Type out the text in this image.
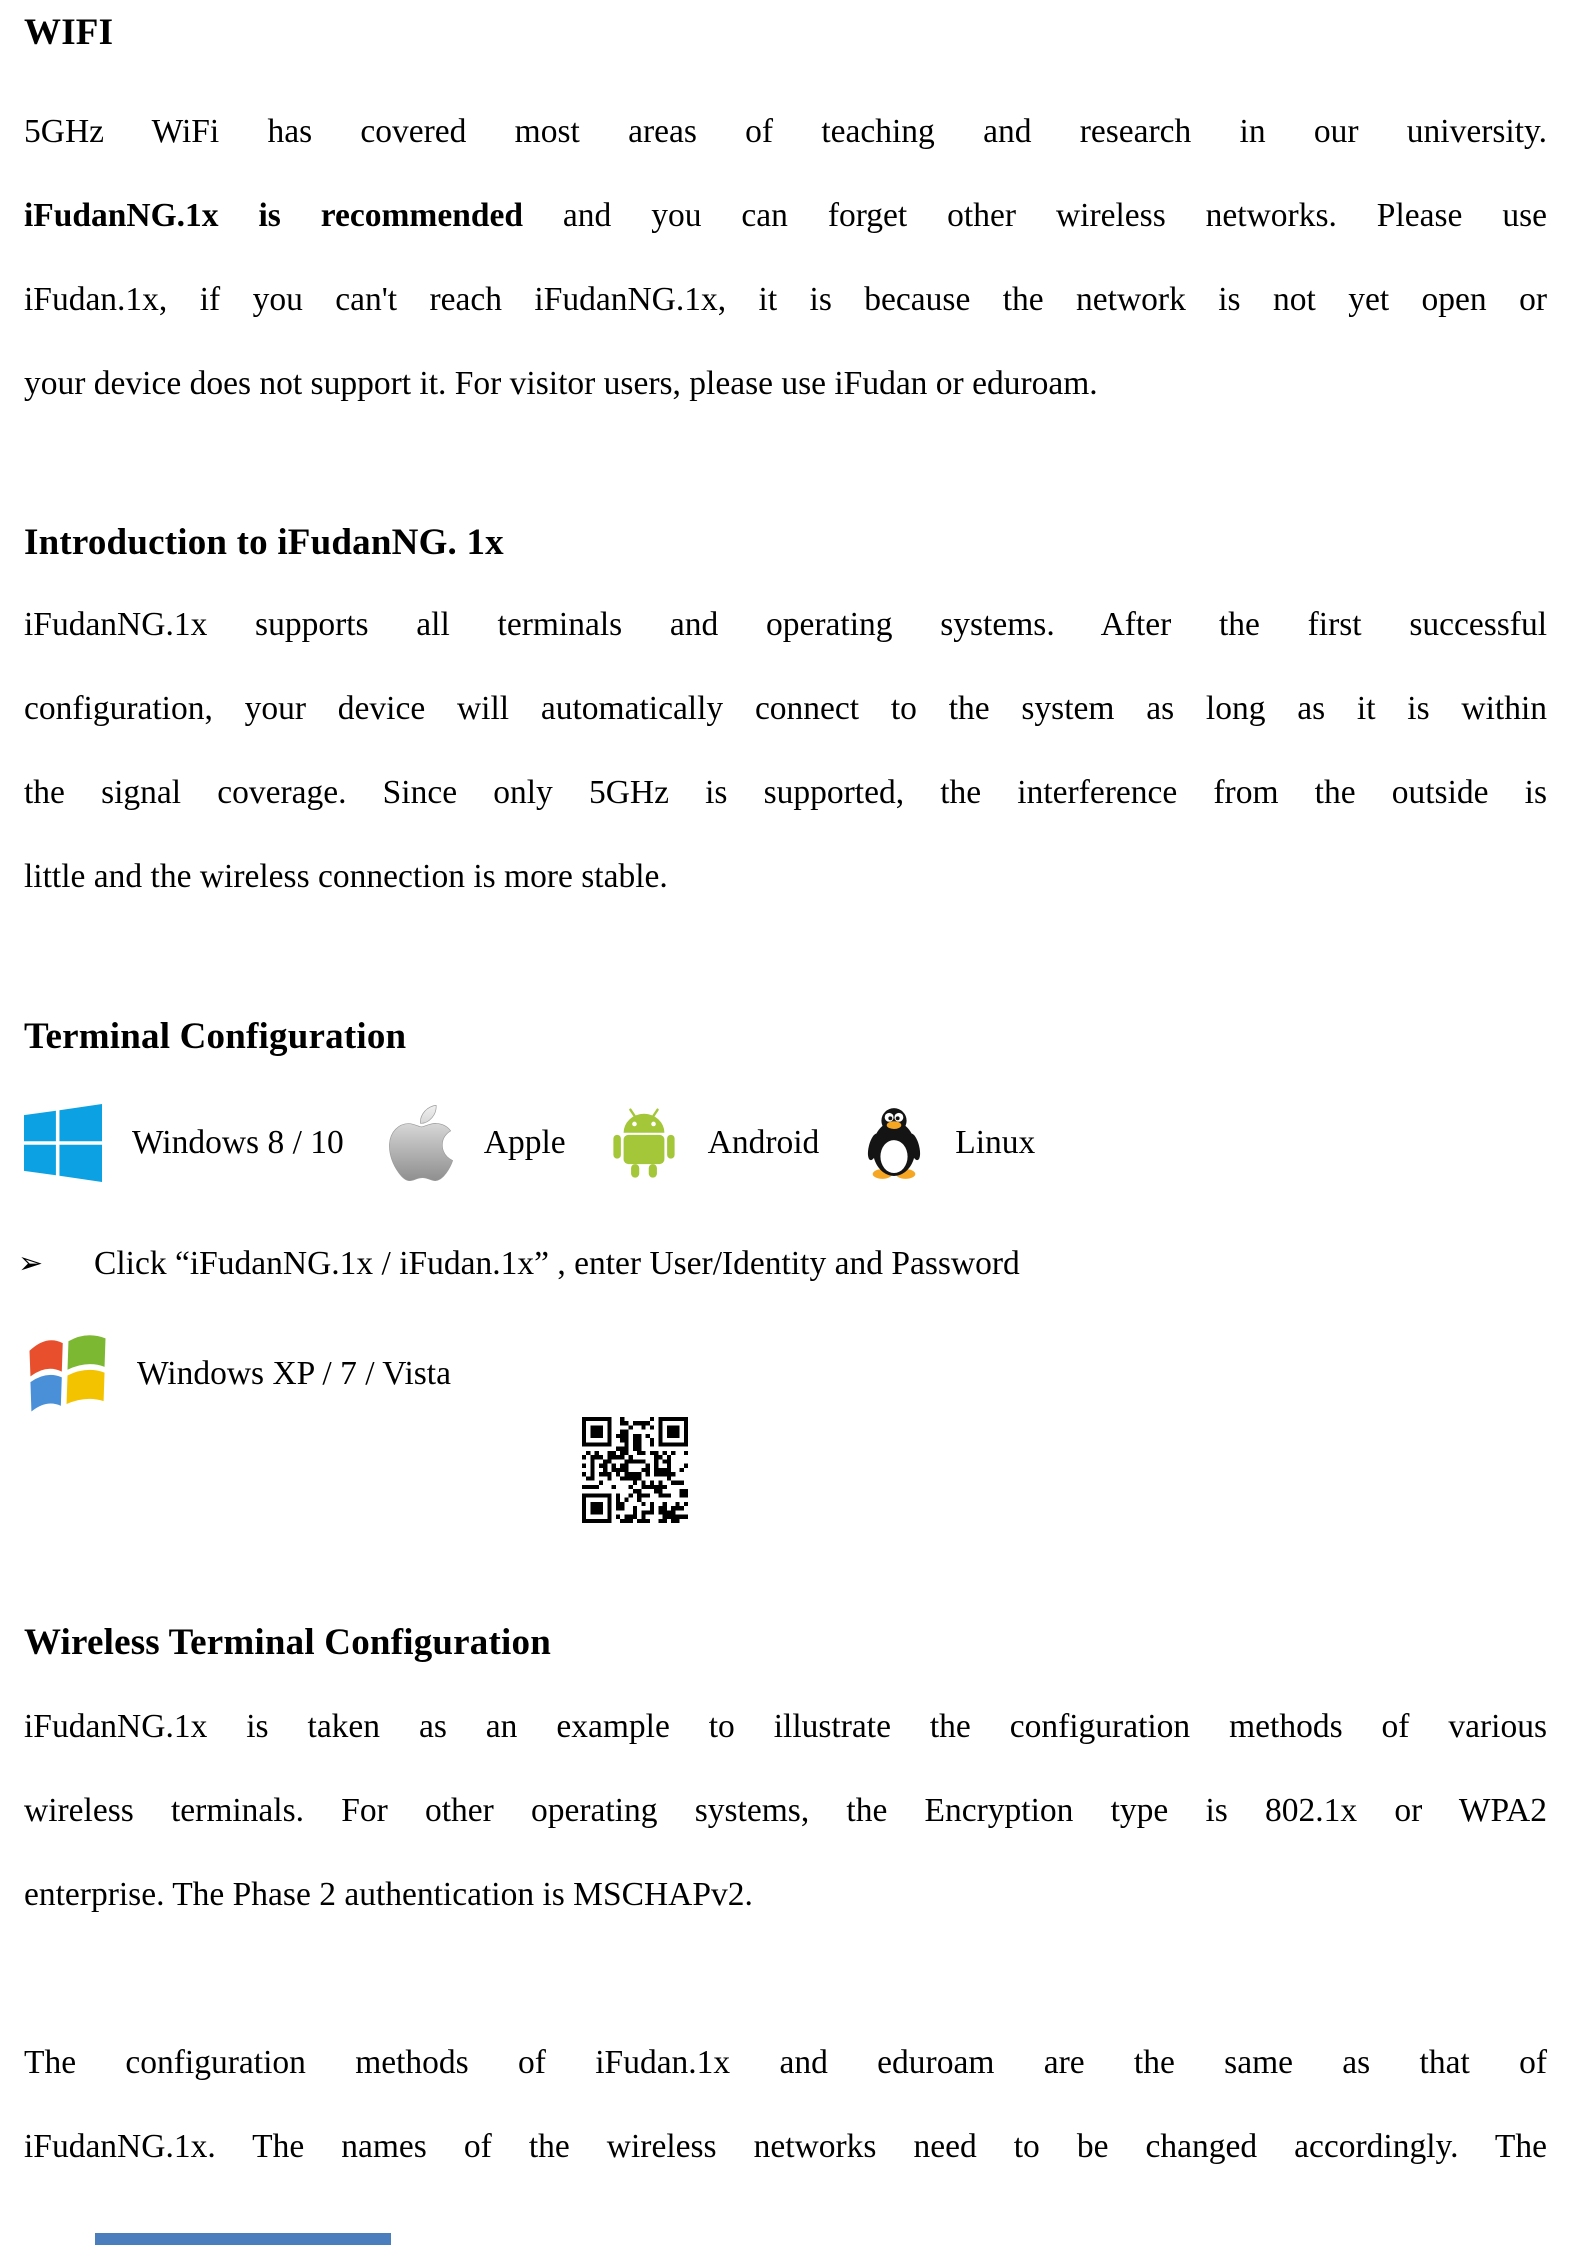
WIFI
5GHz WiFi has covered most areas of teaching and research in our university.
iFudanNG.1x is recommended and you can forget other wireless networks. Please use
iFudan.1x, if you can't reach iFudanNG.1x, it is because the network is not yet open or
your device does not support it. For visitor users, please use iFudan or eduroam.
Introduction to iFudanNG. 1x
iFudanNG.1x supports all terminals and operating systems. After the first successful
configuration, your device will automatically connect to the system as long as it is within
the signal coverage. Since only 5GHz is supported, the interference from the outside is
little and the wireless connection is more stable.
Terminal Configuration
Windows 8 / 10	Apple	Android	Linux
➢	Click “iFudanNG.1x / iFudan.1x” , enter User/Identity and Password
Windows XP / 7 / Vista
Wireless Terminal Configuration
iFudanNG.1x is taken as an example to illustrate the configuration methods of various
wireless terminals. For other operating systems, the Encryption type is 802.1x or WPA2
enterprise. The Phase 2 authentication is MSCHAPv2.
The configuration methods of iFudan.1x and eduroam are the same as that of
iFudanNG.1x. The names of the wireless networks need to be changed accordingly. The
